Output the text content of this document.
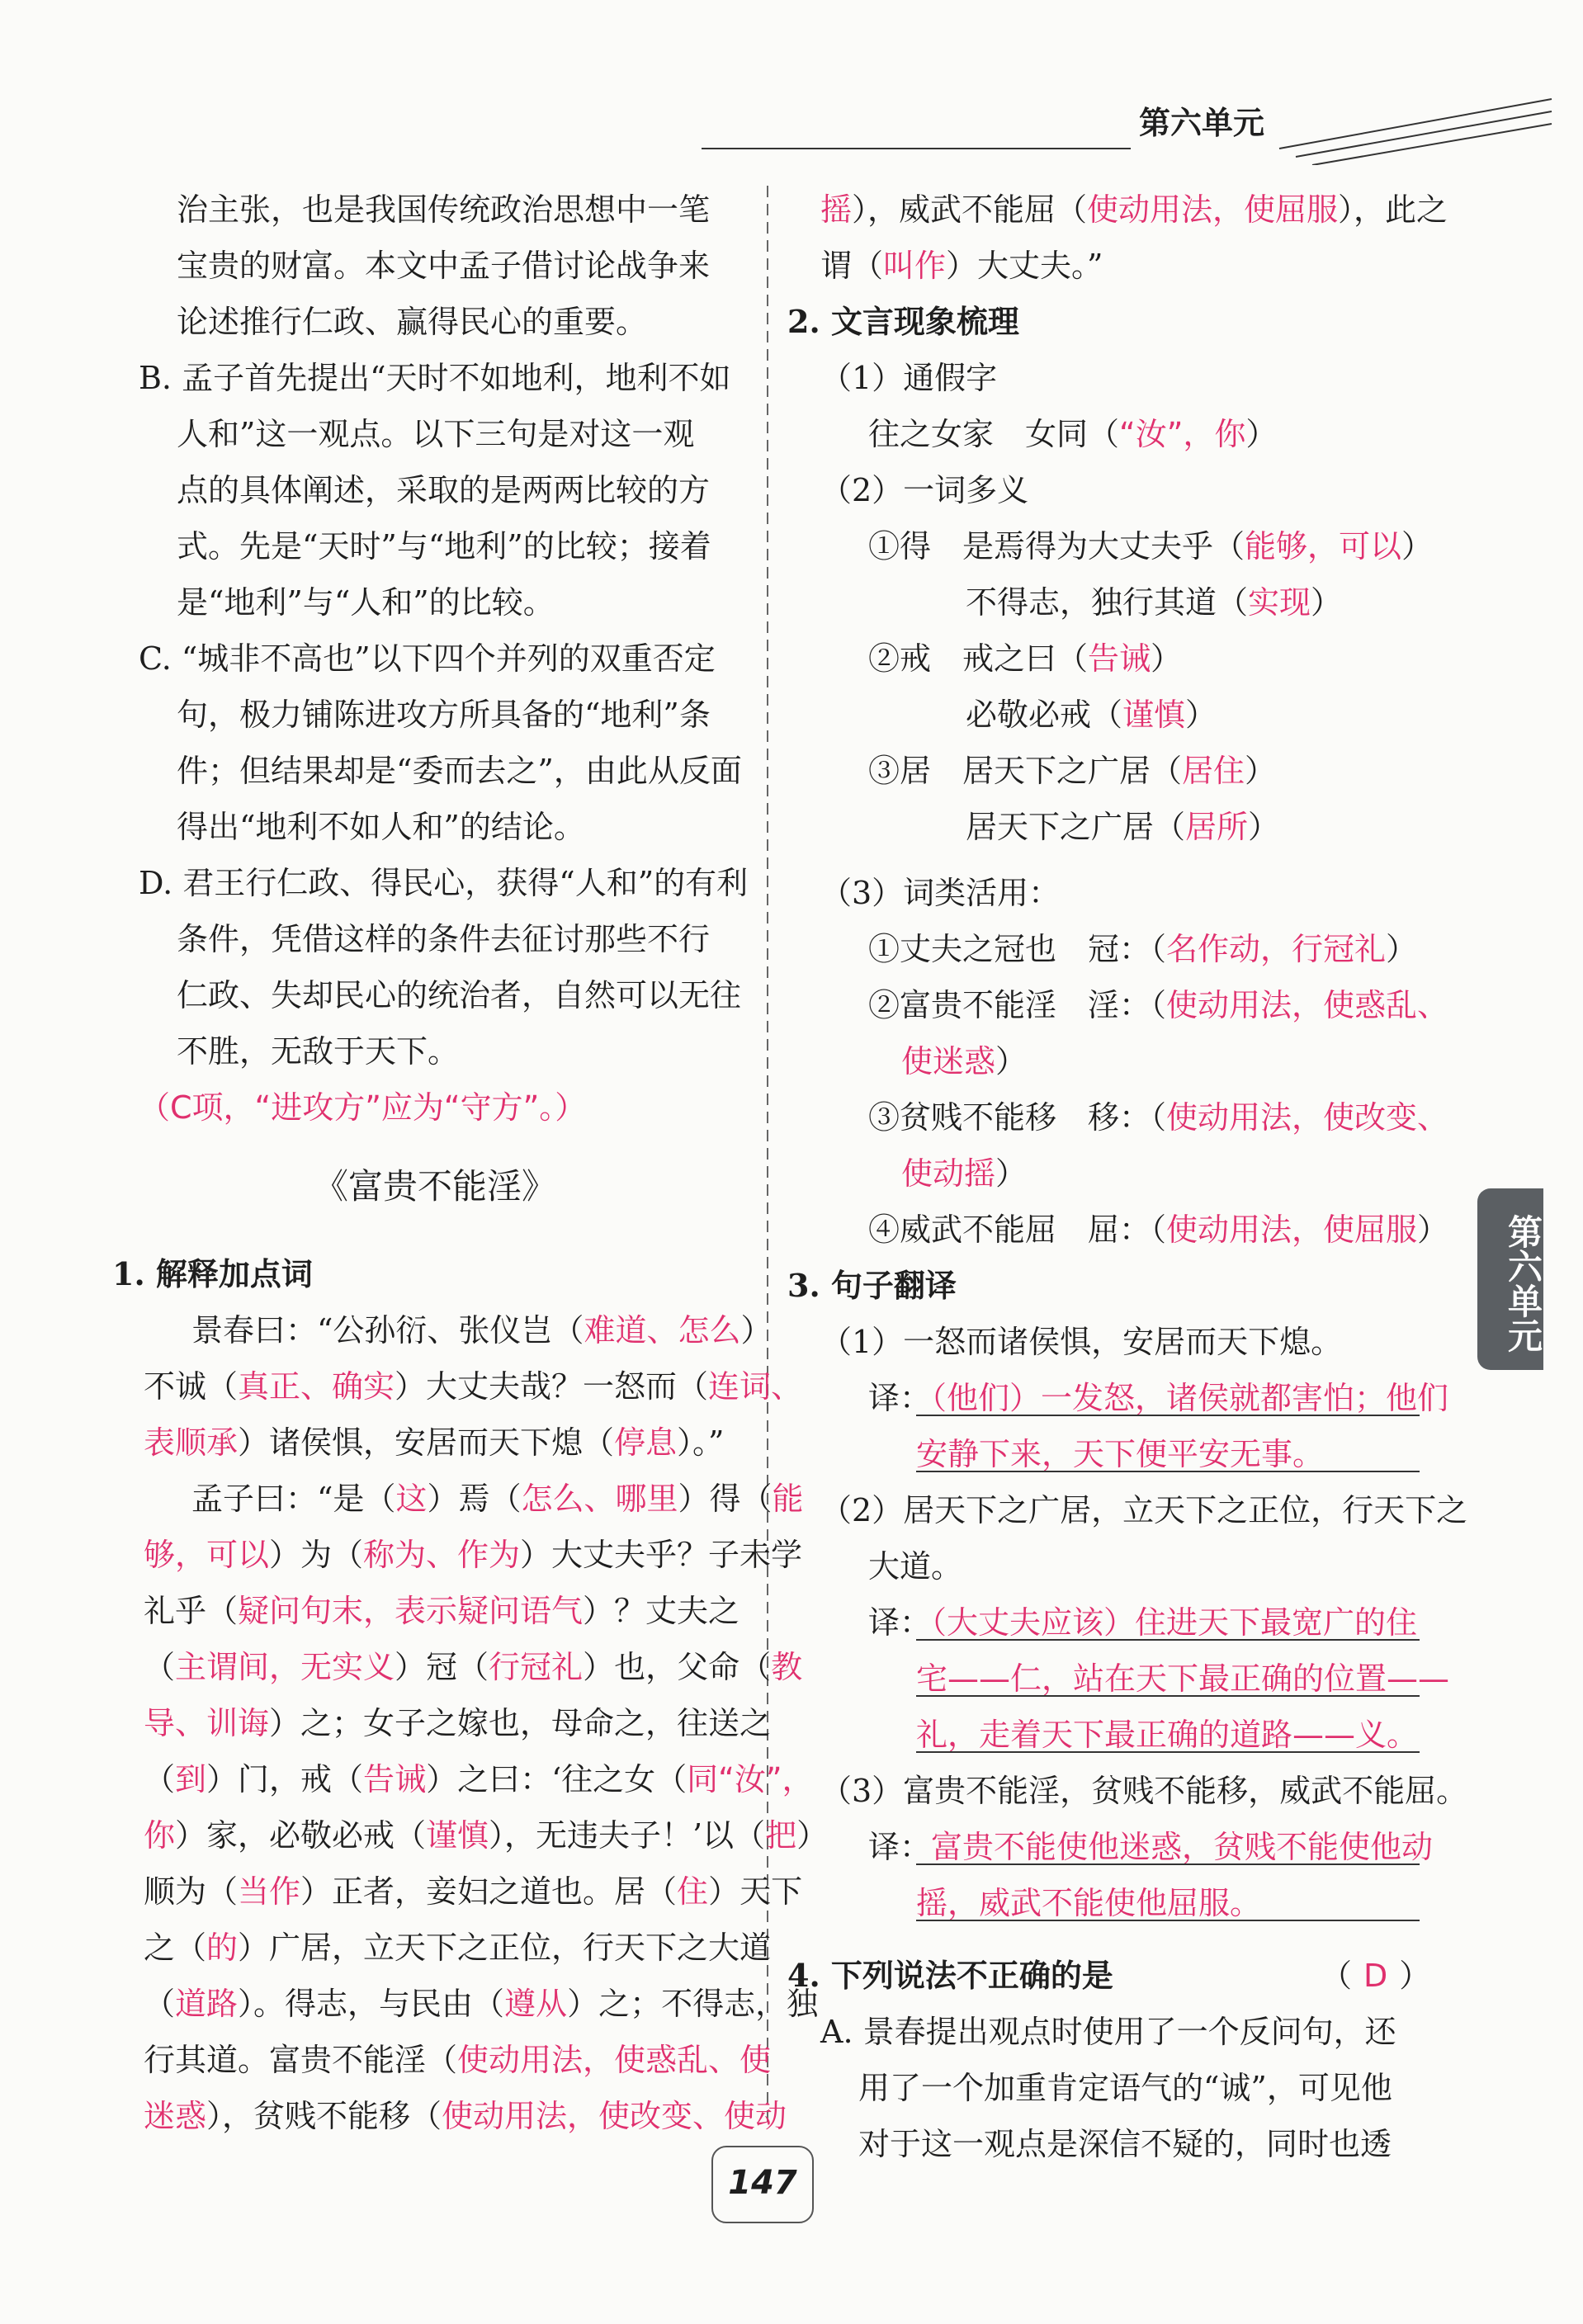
第六单元
第六单元
治主张，也是我国传统政治思想中一笔
宝贵的财富。本文中孟子借讨论战争来
论述推行仁政、赢得民心的重要。
B. 孟子首先提出“天时不如地利，地利不如
人和”这一观点。以下三句是对这一观
点的具体阐述，采取的是两两比较的方
式。先是“天时”与“地利”的比较；接着
是“地利”与“人和”的比较。
C. “城非不高也”以下四个并列的双重否定
句，极力铺陈进攻方所具备的“地利”条
件；但结果却是“委而去之”，由此从反面
得出“地利不如人和”的结论。
D. 君王行仁政、得民心，获得“人和”的有利
条件，凭借这样的条件去征讨那些不行
仁政、失却民心的统治者，自然可以无往
不胜，无敌于天下。
（C项，“进攻方”应为“守方”。）
《富贵不能淫》
1. 解释加点词
景春曰：“公孙衍、张仪岂（难道、怎么）
不诚（真正、确实）大丈夫哉？一怒而（连词、
表顺承）诸侯惧，安居而天下熄（停息）。”
孟子曰：“是（这）焉（怎么、哪里）得（能
够，可以）为（称为、作为）大丈夫乎？子未学
礼乎（疑问句末，表示疑问语气）？丈夫之
（主谓间，无实义）冠（行冠礼）也，父命（教
导、训诲）之；女子之嫁也，母命之，往送之
（到）门，戒（告诫）之曰：‘往之女（同“汝”，
你）家，必敬必戒（谨慎），无违夫子！’以（把）
顺为（当作）正者，妾妇之道也。居（住）天下
之（的）广居，立天下之正位，行天下之大道
（道路）。得志，与民由（遵从）之；不得志，独
行其道。富贵不能淫（使动用法，使惑乱、使
迷惑），贫贱不能移（使动用法，使改变、使动
摇），威武不能屈（使动用法，使屈服），此之
谓（叫作）大丈夫。”
2. 文言现象梳理
（1）通假字
往之女家　女同（“汝”，你）
（2）一词多义
①得　是焉得为大丈夫乎（能够，可以）
不得志，独行其道（实现）
②戒　戒之曰（告诫）
必敬必戒（谨慎）
③居　居天下之广居（居住）
居天下之广居（居所）
（3）词类活用：
①丈夫之冠也　冠：（名作动，行冠礼）
②富贵不能淫　淫：（使动用法，使惑乱、
使迷惑）
③贫贱不能移　移：（使动用法，使改变、
使动摇）
④威武不能屈　屈：（使动用法，使屈服）
3. 句子翻译
（1）一怒而诸侯惧，安居而天下熄。
译：（他们）一发怒，诸侯就都害怕；他们
安静下来，天下便平安无事。
（2）居天下之广居，立天下之正位，行天下之
大道。
译：（大丈夫应该）住进天下最宽广的住
宅——仁，站在天下最正确的位置——
礼，走着天下最正确的道路——义。
（3）富贵不能淫，贫贱不能移，威武不能屈。
译：富贵不能使他迷惑，贫贱不能使他动
摇，威武不能使他屈服。
4. 下列说法不正确的是	（ D ）
A. 景春提出观点时使用了一个反问句，还
用了一个加重肯定语气的“诚”，可见他
对于这一观点是深信不疑的，同时也透
147
